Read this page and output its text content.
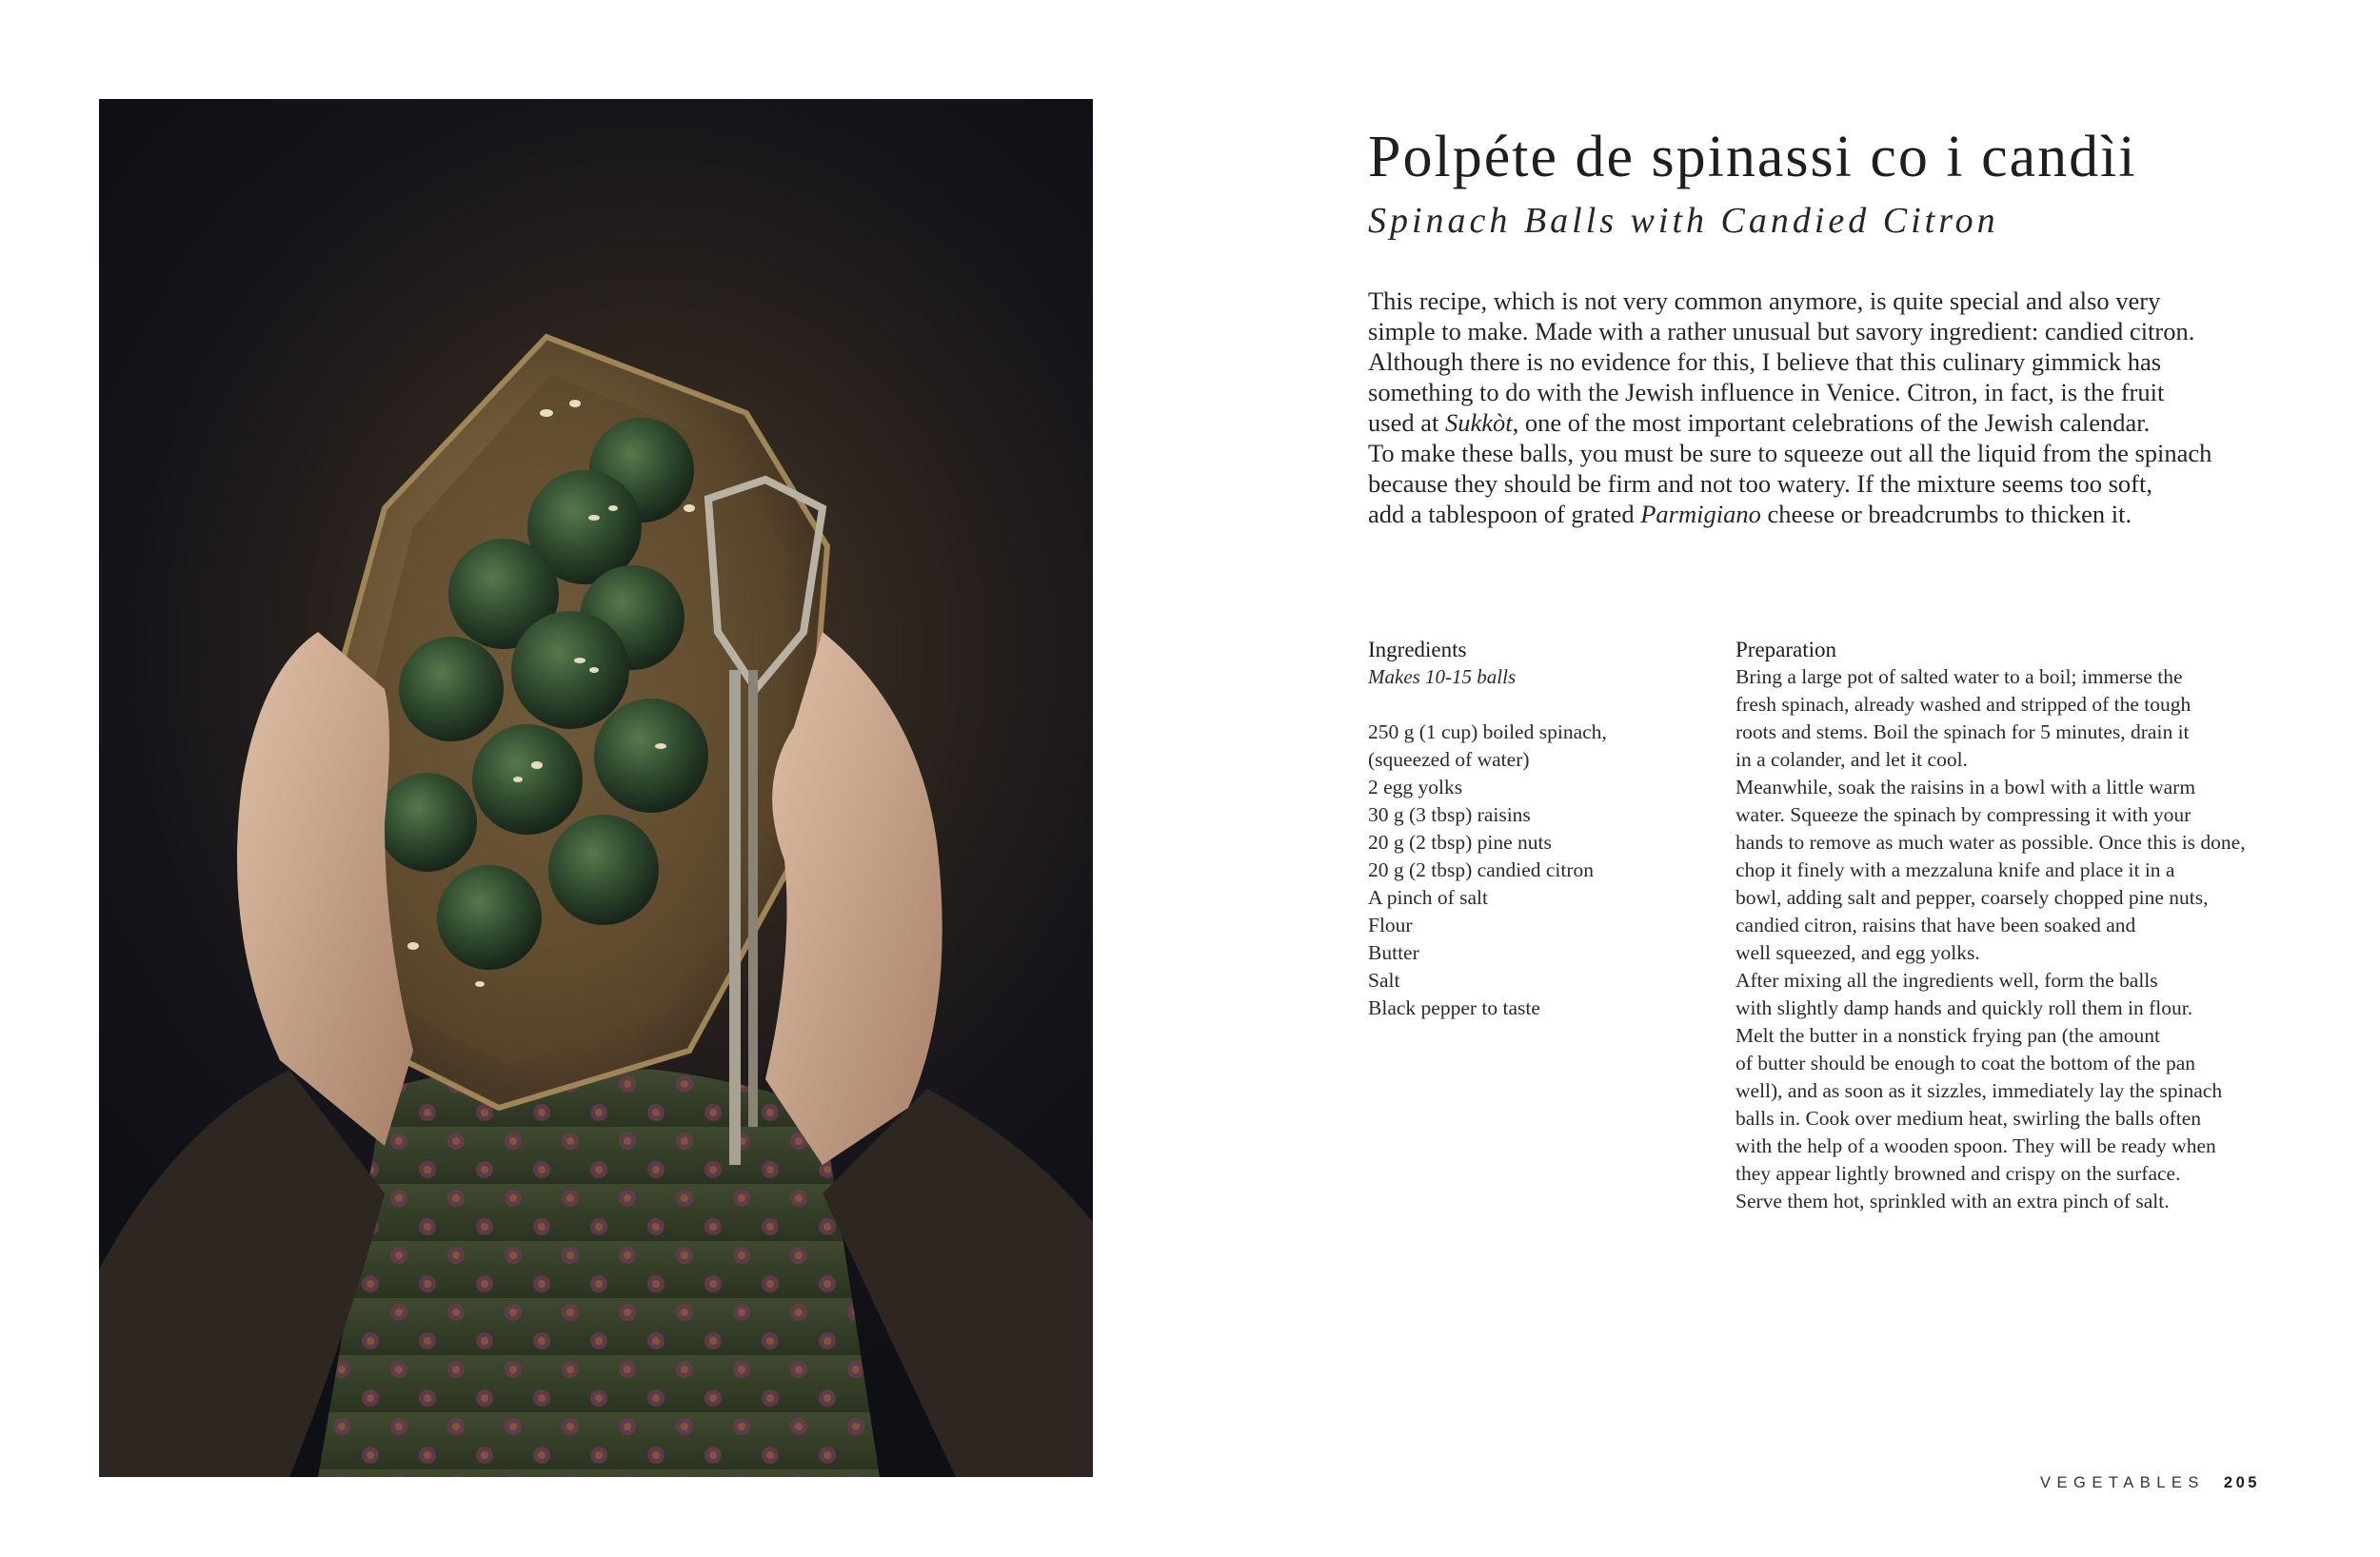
Polpéte de spinassi co i candìi
Spinach Balls with Candied Citron
This recipe, which is not very common anymore, is quite special and also very
simple to make. Made with a rather unusual but savory ingredient: candied citron.
Although there is no evidence for this, I believe that this culinary gimmick has
something to do with the Jewish influence in Venice. Citron, in fact, is the fruit
used at Sukkòt, one of the most important celebrations of the Jewish calendar.
To make these balls, you must be sure to squeeze out all the liquid from the spinach
because they should be firm and not too watery. If the mixture seems too soft,
add a tablespoon of grated Parmigiano cheese or breadcrumbs to thicken it.
Ingredients
Makes 10-15 balls
250 g (1 cup) boiled spinach,
(squeezed of water)
2 egg yolks
30 g (3 tbsp) raisins
20 g (2 tbsp) pine nuts
20 g (2 tbsp) candied citron
A pinch of salt
Flour
Butter
Salt
Black pepper to taste
Preparation
Bring a large pot of salted water to a boil; immerse the
fresh spinach, already washed and stripped of the tough
roots and stems. Boil the spinach for 5 minutes, drain it
in a colander, and let it cool.
Meanwhile, soak the raisins in a bowl with a little warm
water. Squeeze the spinach by compressing it with your
hands to remove as much water as possible. Once this is done,
chop it finely with a mezzaluna knife and place it in a
bowl, adding salt and pepper, coarsely chopped pine nuts,
candied citron, raisins that have been soaked and
well squeezed, and egg yolks.
After mixing all the ingredients well, form the balls
with slightly damp hands and quickly roll them in flour.
Melt the butter in a nonstick frying pan (the amount
of butter should be enough to coat the bottom of the pan
well), and as soon as it sizzles, immediately lay the spinach
balls in. Cook over medium heat, swirling the balls often
with the help of a wooden spoon. They will be ready when
they appear lightly browned and crispy on the surface.
Serve them hot, sprinkled with an extra pinch of salt.
VEGETABLES 205
